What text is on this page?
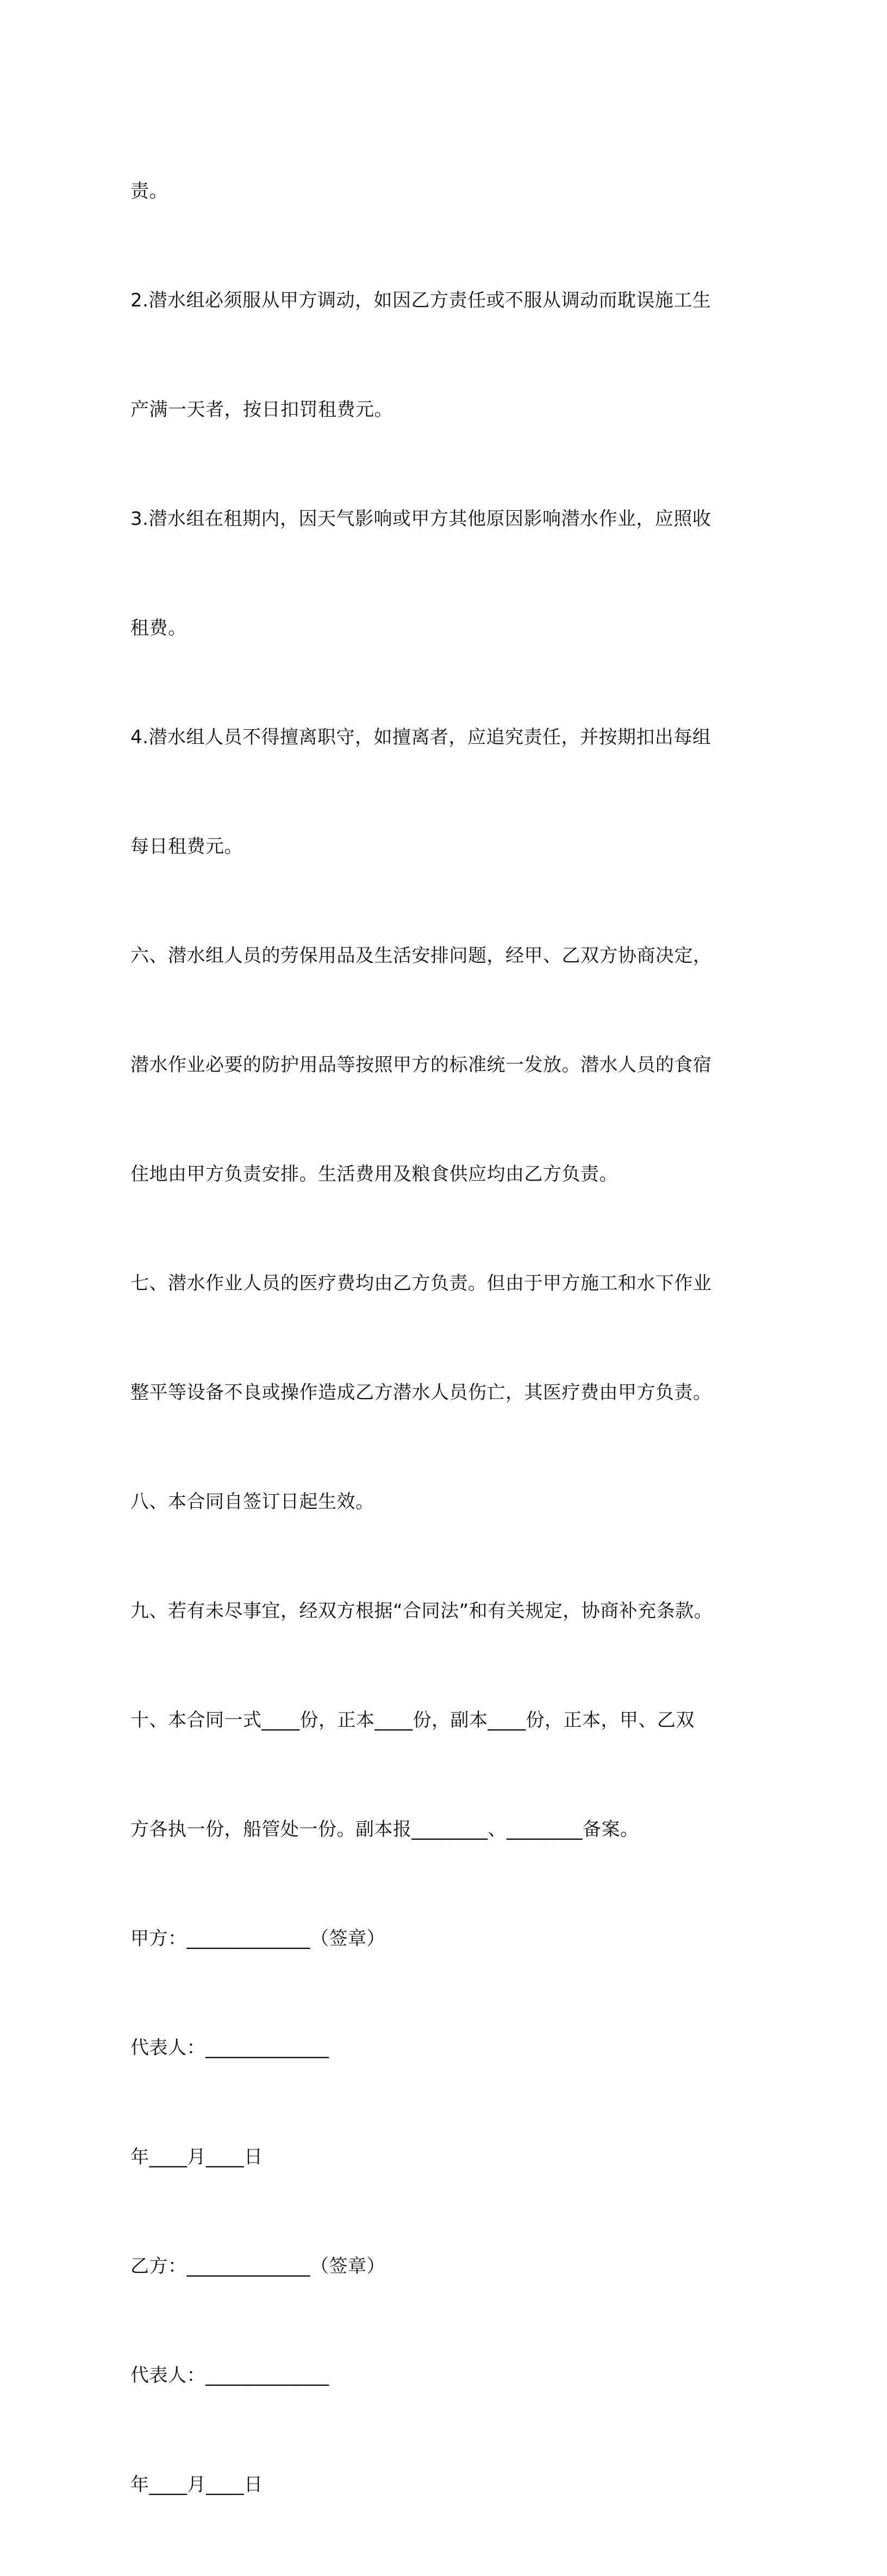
责。

2.潜水组必须服从甲方调动，如因乙方责任或不服从调动而耽误施工生

产满一天者，按日扣罚租费元。

3.潜水组在租期内，因天气影响或甲方其他原因影响潜水作业，应照收

租费。

4.潜水组人员不得擅离职守，如擅离者，应追究责任，并按期扣出每组

每日租费元。

六、潜水组人员的劳保用品及生活安排问题，经甲、乙双方协商决定，

潜水作业必要的防护用品等按照甲方的标准统一发放。潜水人员的食宿

住地由甲方负责安排。生活费用及粮食供应均由乙方负责。

七、潜水作业人员的医疗费均由乙方负责。但由于甲方施工和水下作业

整平等设备不良或操作造成乙方潜水人员伤亡，其医疗费由甲方负责。

八、本合同自签订日起生效。

九、若有未尽事宜，经双方根据“合同法”和有关规定，协商补充条款。

十、本合同一式____份，正本____份，副本____份，正本，甲、乙双

方各执一份，船管处一份。副本报________、________备案。

甲方：_____________（签章）

代表人：_____________

年____月____日

乙方：_____________（签章）

代表人：_____________

年____月____日
